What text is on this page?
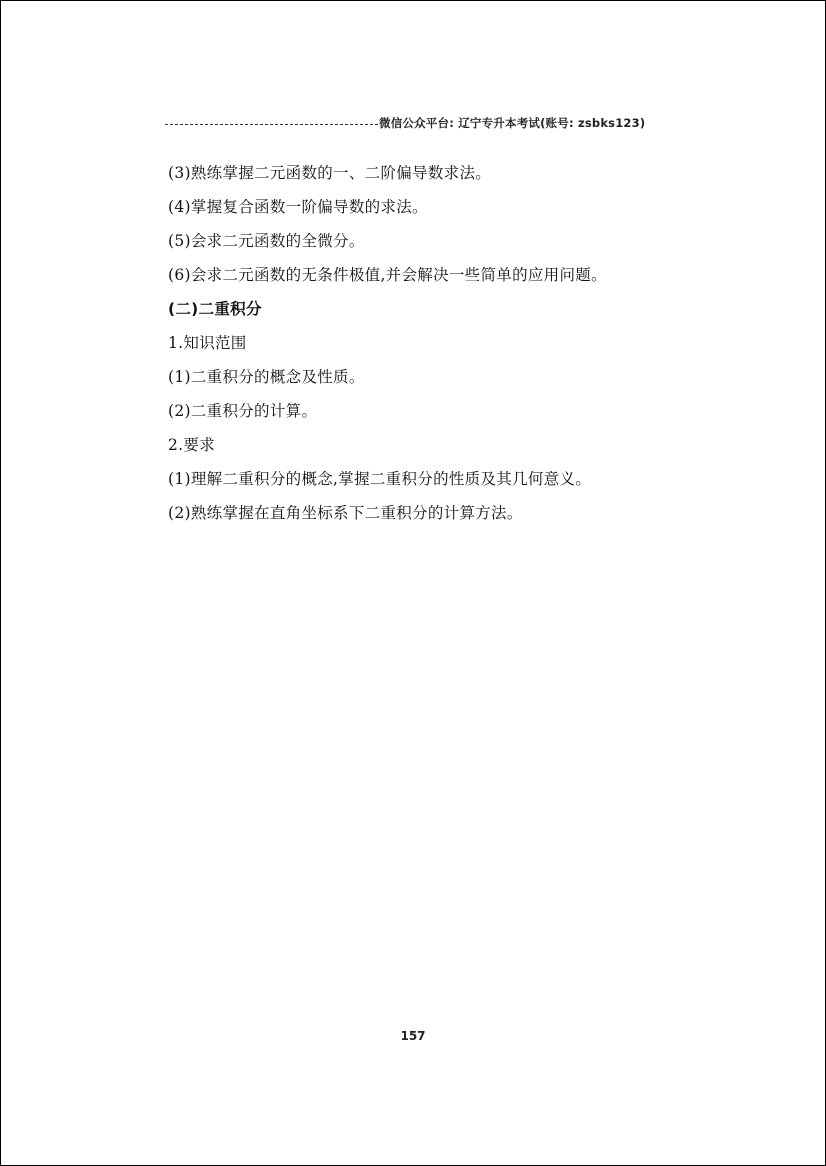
微信公众平台: 辽宁专升本考试(账号: zsbks123)
(3)熟练掌握二元函数的一、二阶偏导数求法。
(4)掌握复合函数一阶偏导数的求法。
(5)会求二元函数的全微分。
(6)会求二元函数的无条件极值,并会解决一些简单的应用问题。
(二)二重积分
1.知识范围
(1)二重积分的概念及性质。
(2)二重积分的计算。
2.要求
(1)理解二重积分的概念,掌握二重积分的性质及其几何意义。
(2)熟练掌握在直角坐标系下二重积分的计算方法。
157
